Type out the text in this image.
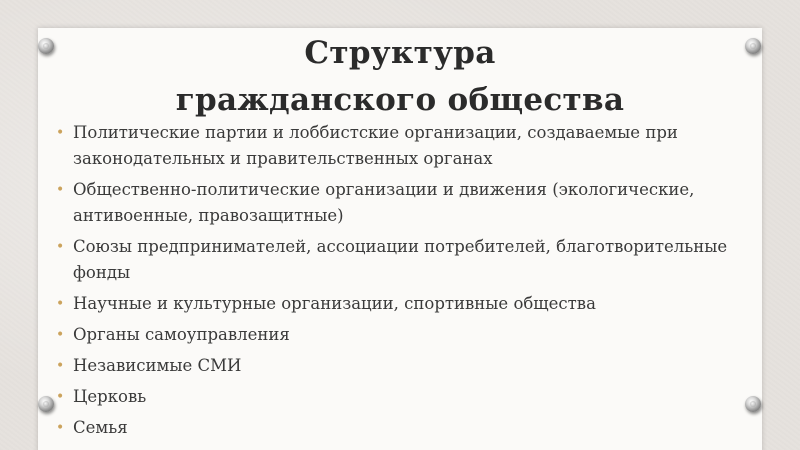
Структура
гражданского общества
• Политические партии и лоббистские организации, создаваемые при законодательных и правительственных органах
• Общественно-политические организации и движения (экологические, антивоенные, правозащитные)
• Союзы предпринимателей, ассоциации потребителей, благотворительные фонды
• Научные и культурные организации, спортивные общества
• Органы самоуправления
• Независимые СМИ
• Церковь
• Семья
